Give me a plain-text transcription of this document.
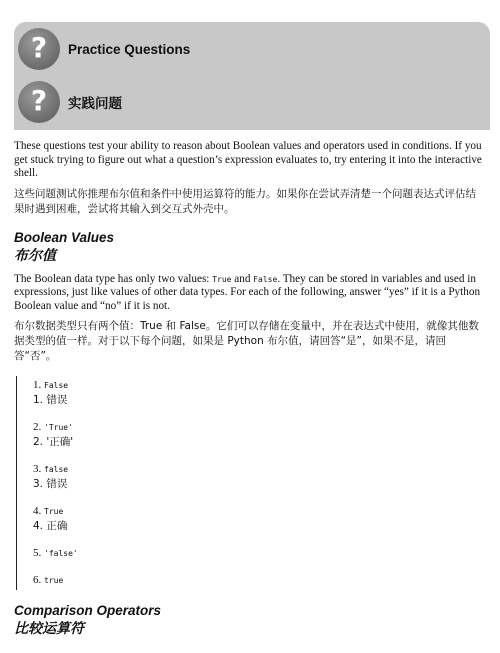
? Practice Questions
? 实践问题

These questions test your ability to reason about Boolean values and operators used in conditions. If you get stuck trying to figure out what a question’s expression evaluates to, try entering it into the interactive shell.

这些问题测试你推理布尔值和条件中使用运算符的能力。如果你在尝试弄清楚一个问题表达式评估结果时遇到困难，尝试将其输入到交互式外壳中。

Boolean Values
布尔值

The Boolean data type has only two values: True and False. They can be stored in variables and used in expressions, just like values of other data types. For each of the following, answer “yes” if it is a Python Boolean value and “no” if it is not.

布尔数据类型只有两个值：True 和 False。它们可以存储在变量中，并在表达式中使用，就像其他数据类型的值一样。对于以下每个问题，如果是 Python 布尔值，请回答“是”，如果不是，请回答“否”。

1. False
1. 错误
2. 'True'
2. '正确'
3. false
3. 错误
4. True
4. 正确
5. 'false'
6. true
Comparison Operators
比较运算符
